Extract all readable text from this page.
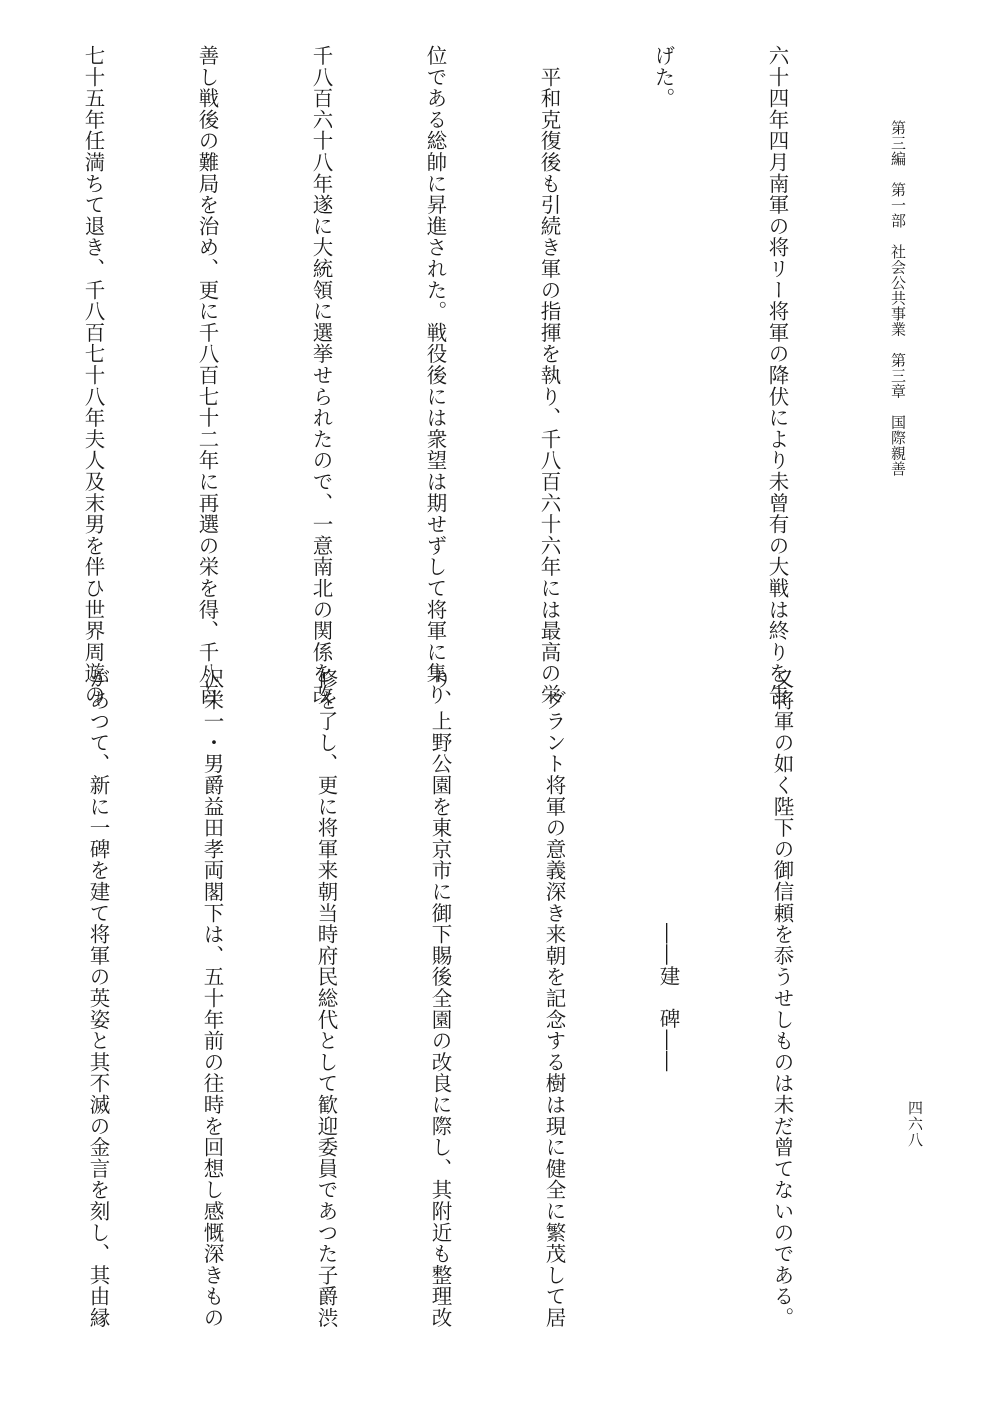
第三編　第一部　社会公共事業　第三章　国際親善
四六八

六十四年四月南軍の将リー将軍の降伏により未曾有の大戦は終りを告

げた。

　平和克復後も引続き軍の指揮を執り、千八百六十六年には最高の栄

位である総帥に昇進された。戦役後には衆望は期せずして将軍に集り

千八百六十八年遂に大統領に選挙せられたので、一意南北の関係を改

善し戦後の難局を治め、更に千八百七十二年に再選の栄を得、千八百

七十五年任満ちて退き、千八百七十八年夫人及末男を伴ひ世界周遊の

又将軍の如く陛下の御信頼を忝うせしものは未だ曾てないのである。

――建　碑――

　グラント将軍の意義深き来朝を記念する樹は現に健全に繁茂して居

り、上野公園を東京市に御下賜後全園の改良に際し、其附近も整理改

修を了し、更に将軍来朝当時府民総代として歓迎委員であつた子爵渋

沢栄一・男爵益田孝両閣下は、五十年前の往時を回想し感慨深きもの

があつて、新に一碑を建て将軍の英姿と其不滅の金言を刻し、其由縁
